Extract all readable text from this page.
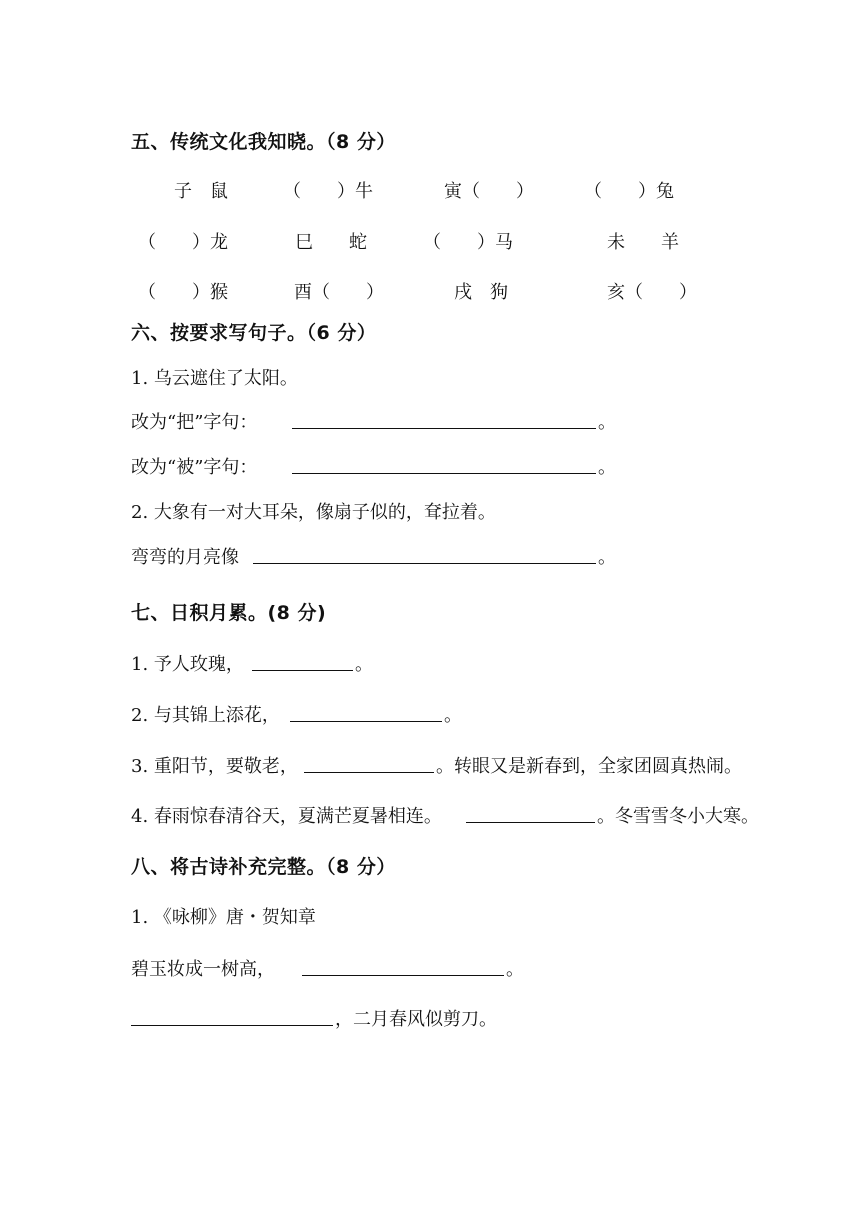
五、传统文化我知晓。（8 分）
子　鼠	（　　）牛	寅（　　）	（　　）兔
（　　）龙	巳　　蛇	（　　）马	未　　羊
（　　）猴	酉（　　）	戌　狗	亥（　　）
六、按要求写句子。（6 分）
1. 乌云遮住了太阳。
改为“把”字句：	。
改为“被”字句：	。
2. 大象有一对大耳朵，像扇子似的，耷拉着。
弯弯的月亮像	。
七、日积月累。(8 分)
1. 予人玫瑰，	。
2. 与其锦上添花，	。
3. 重阳节，要敬老，	。转眼又是新春到，全家团圆真热闹。
4. 春雨惊春清谷天，夏满芒夏暑相连。	。冬雪雪冬小大寒。
八、将古诗补充完整。（8 分）
1. 《咏柳》唐・贺知章
碧玉妆成一树高，	。
，二月春风似剪刀。
